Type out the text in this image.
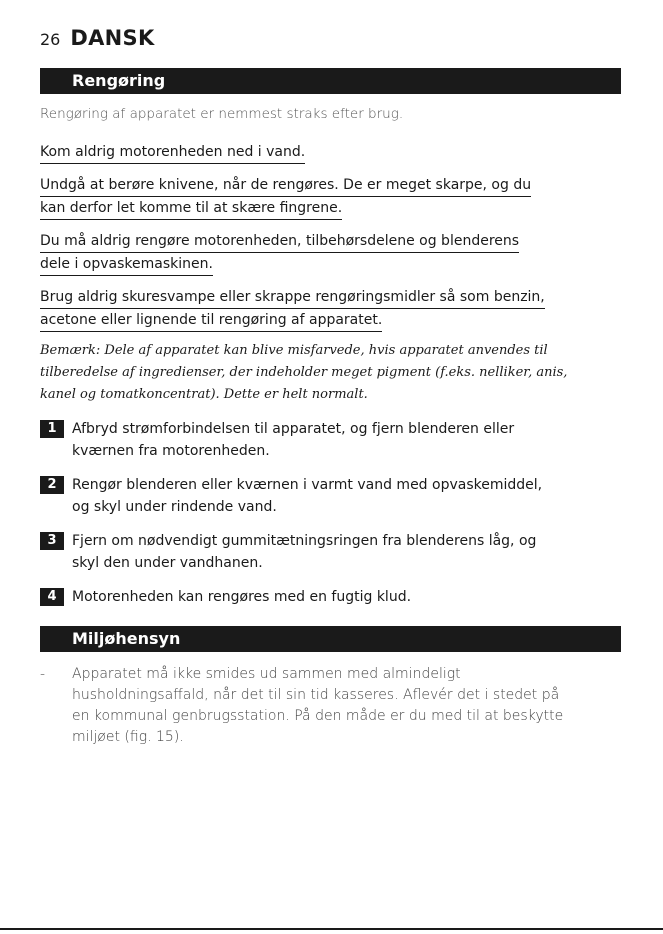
26 DANSK
Rengøring
Rengøring af apparatet er nemmest straks efter brug.
Kom aldrig motorenheden ned i vand.
Undgå at berøre knivene, når de rengøres. De er meget skarpe, og du
kan derfor let komme til at skære fingrene.
Du må aldrig rengøre motorenheden, tilbehørsdelene og blenderens
dele i opvaskemaskinen.
Brug aldrig skuresvampe eller skrappe rengøringsmidler så som benzin,
acetone eller lignende til rengøring af apparatet.
Bemærk: Dele af apparatet kan blive misfarvede, hvis apparatet anvendes til
tilberedelse af ingredienser, der indeholder meget pigment (f.eks. nelliker, anis,
kanel og tomatkoncentrat). Dette er helt normalt.
1	Afbryd strømforbindelsen til apparatet, og fjern blenderen eller
kværnen fra motorenheden.
2	Rengør blenderen eller kværnen i varmt vand med opvaskemiddel,
og skyl under rindende vand.
3	Fjern om nødvendigt gummitætningsringen fra blenderens låg, og
skyl den under vandhanen.
4	Motorenheden kan rengøres med en fugtig klud.
Miljøhensyn
-	Apparatet må ikke smides ud sammen med almindeligt
husholdningsaffald, når det til sin tid kasseres. Aflevér det i stedet på
en kommunal genbrugsstation. På den måde er du med til at beskytte
miljøet (fig. 15).
